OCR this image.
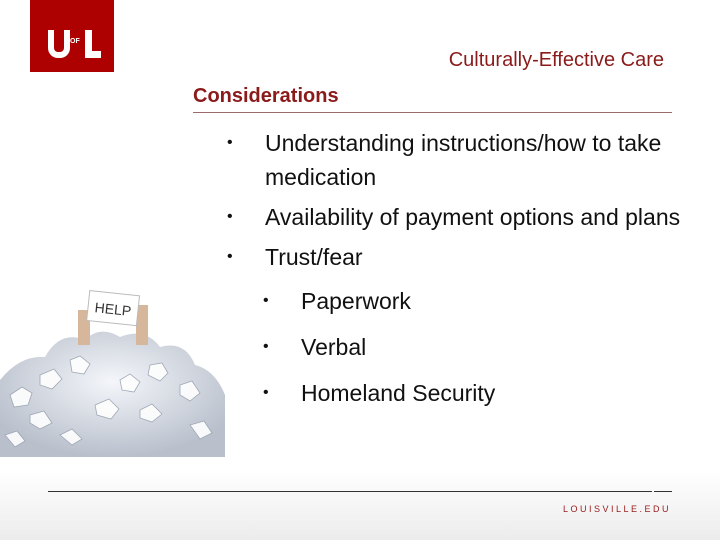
OF
Culturally-Effective Care
Considerations
HELP
• Understanding instructions/how to take medication
• Availability of payment options and plans
• Trust/fear
• Paperwork
• Verbal
• Homeland Security
LOUISVILLE.EDU
